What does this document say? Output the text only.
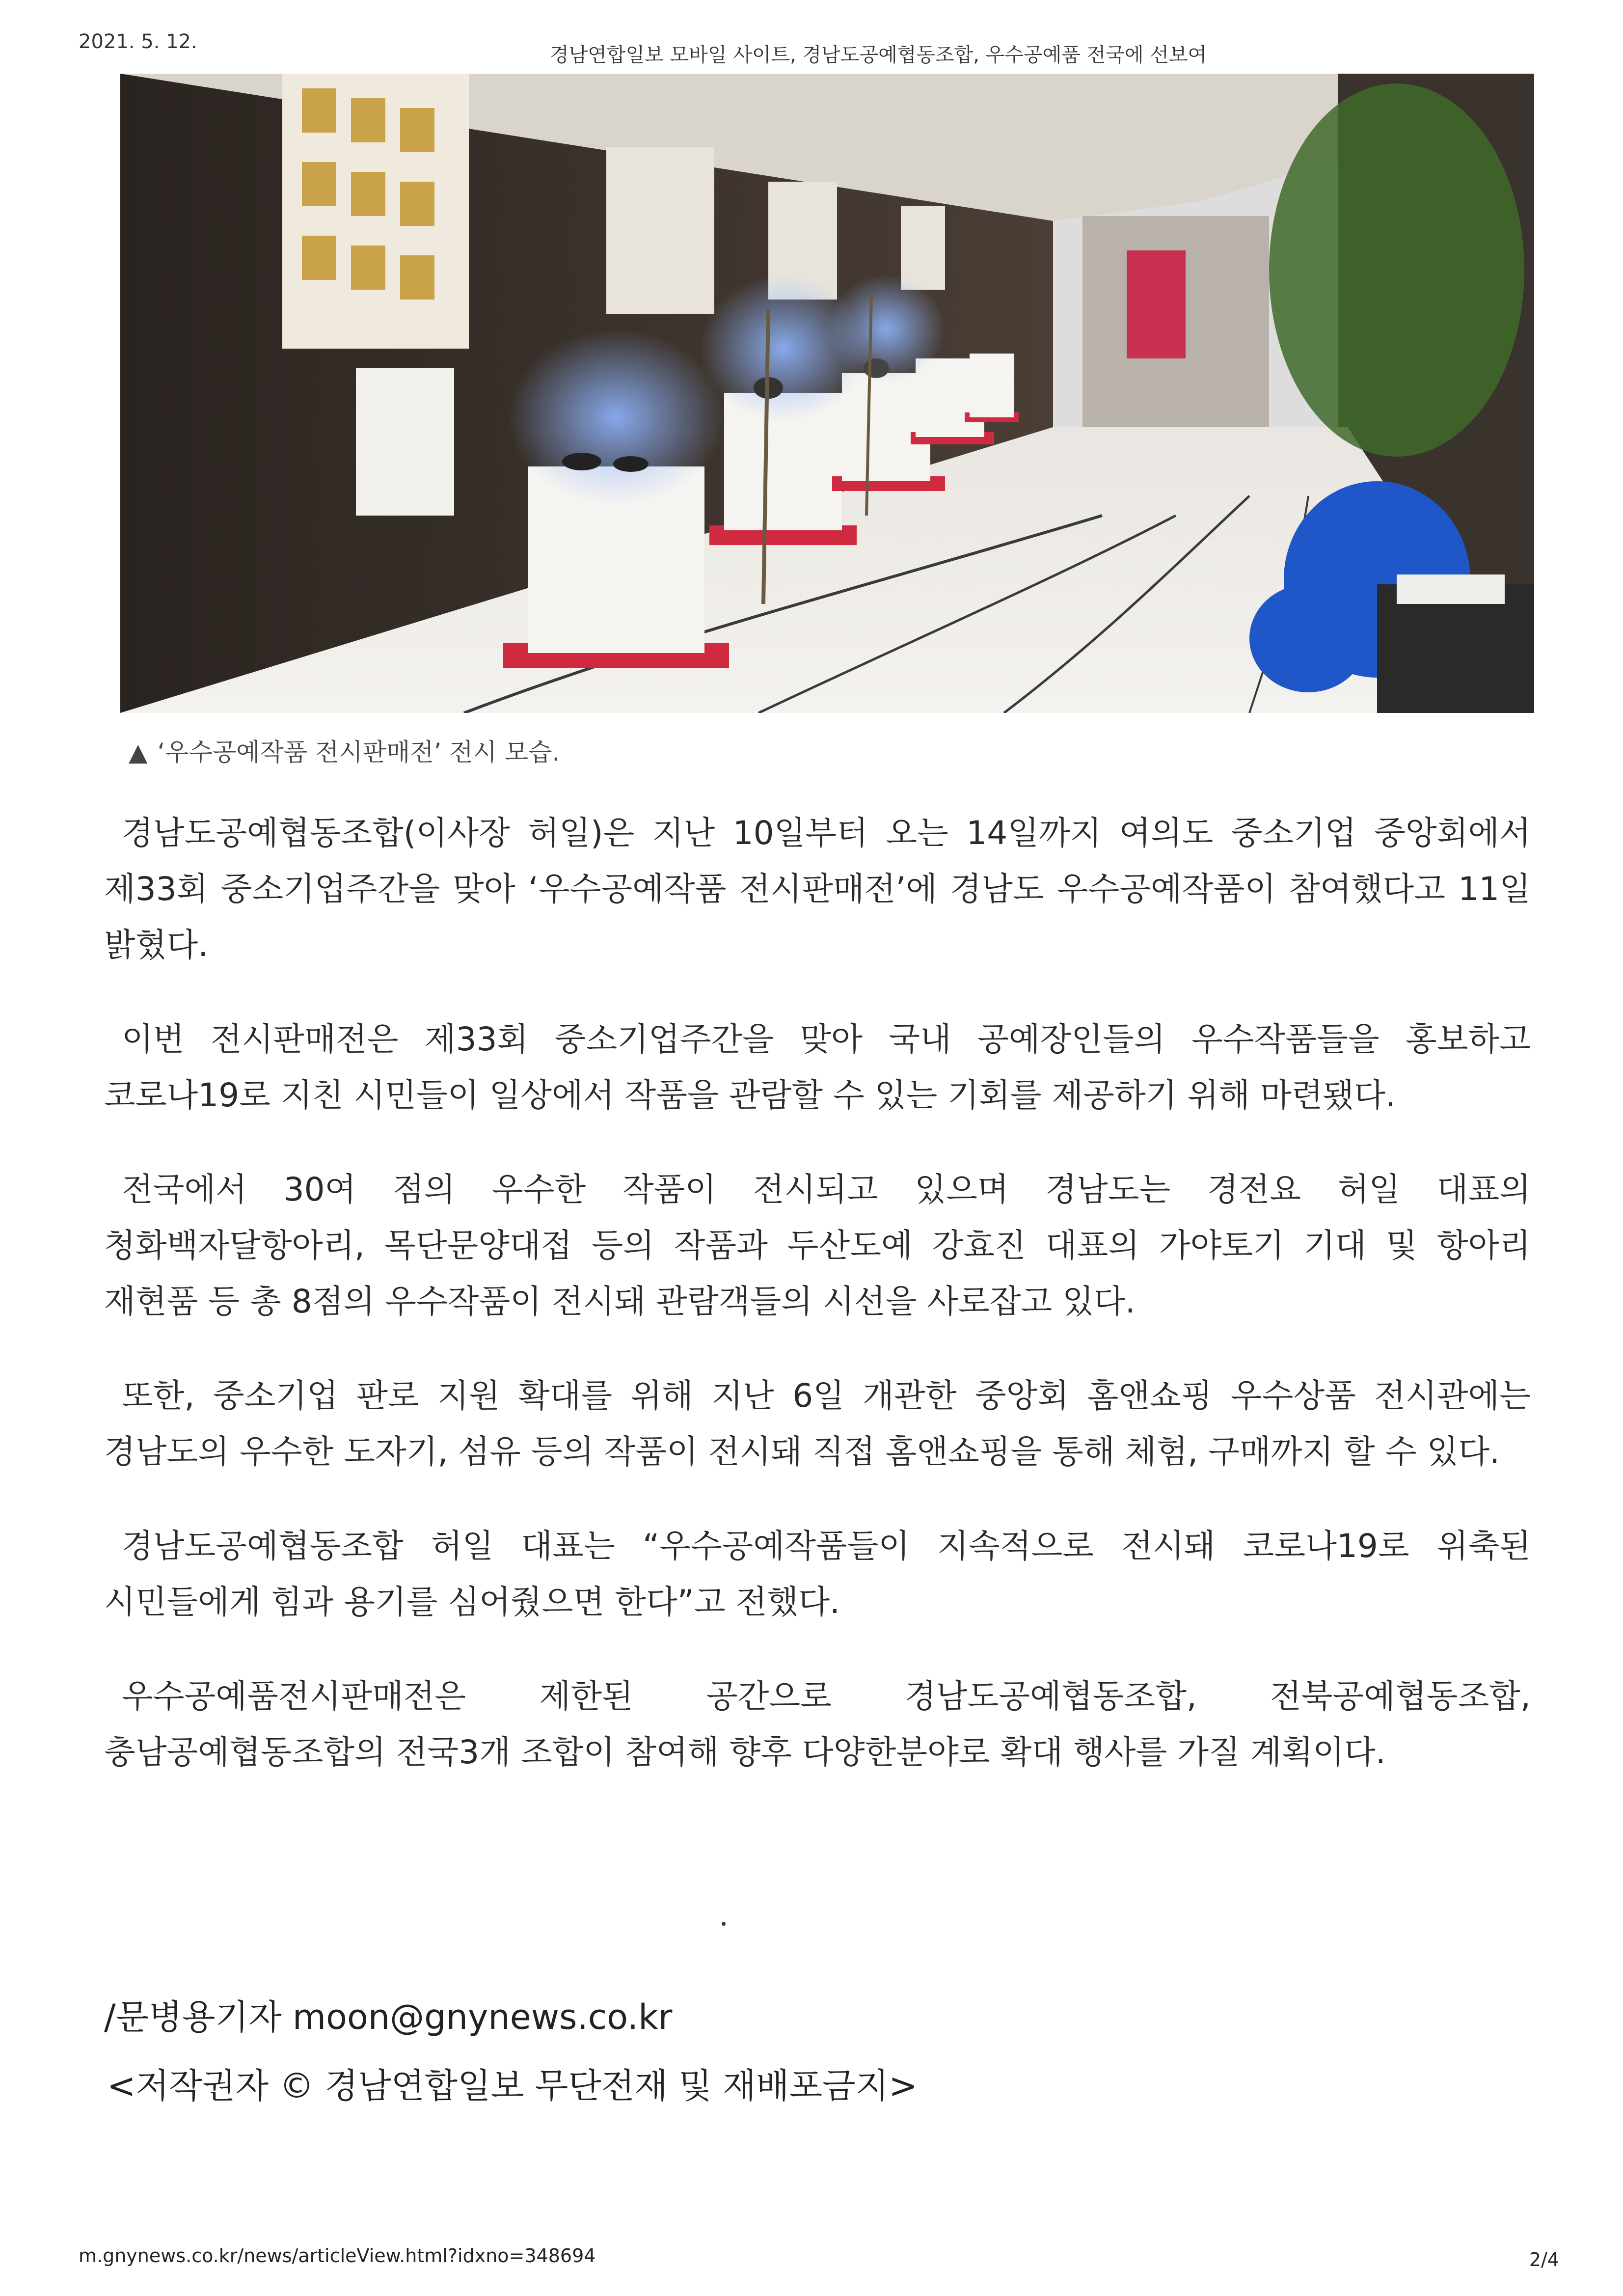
2021. 5. 12.
경남연합일보 모바일 사이트, 경남도공예협동조합, 우수공예품 전국에 선보여
▲ ‘우수공예작품 전시판매전’ 전시 모습.

경남도공예협동조합(이사장 허일)은 지난 10일부터 오는 14일까지 여의도 중소기업 중앙회에서 제33회 중소기업주간을 맞아 ‘우수공예작품 전시판매전’에 경남도 우수공예작품이 참여했다고 11일 밝혔다.

이번 전시판매전은 제33회 중소기업주간을 맞아 국내 공예장인들의 우수작품들을 홍보하고 코로나19로 지친 시민들이 일상에서 작품을 관람할 수 있는 기회를 제공하기 위해 마련됐다.

전국에서 30여 점의 우수한 작품이 전시되고 있으며 경남도는 경전요 허일 대표의 청화백자달항아리, 목단문양대접 등의 작품과 두산도예 강효진 대표의 가야토기 기대 및 항아리 재현품 등 총 8점의 우수작품이 전시돼 관람객들의 시선을 사로잡고 있다.

또한, 중소기업 판로 지원 확대를 위해 지난 6일 개관한 중앙회 홈앤쇼핑 우수상품 전시관에는 경남도의 우수한 도자기, 섬유 등의 작품이 전시돼 직접 홈앤쇼핑을 통해 체험, 구매까지 할 수 있다.

경남도공예협동조합 허일 대표는 “우수공예작품들이 지속적으로 전시돼 코로나19로 위축된 시민들에게 힘과 용기를 심어줬으면 한다”고 전했다.

우수공예품전시판매전은 제한된 공간으로 경남도공예협동조합, 전북공예협동조합, 충남공예협동조합의 전국3개 조합이 참여해 향후 다양한분야로 확대 행사를 가질 계획이다.

/문병용기자 moon@gnynews.co.kr
<저작권자 © 경남연합일보 무단전재 및 재배포금지>
m.gnynews.co.kr/news/articleView.html?idxno=348694	2/4
